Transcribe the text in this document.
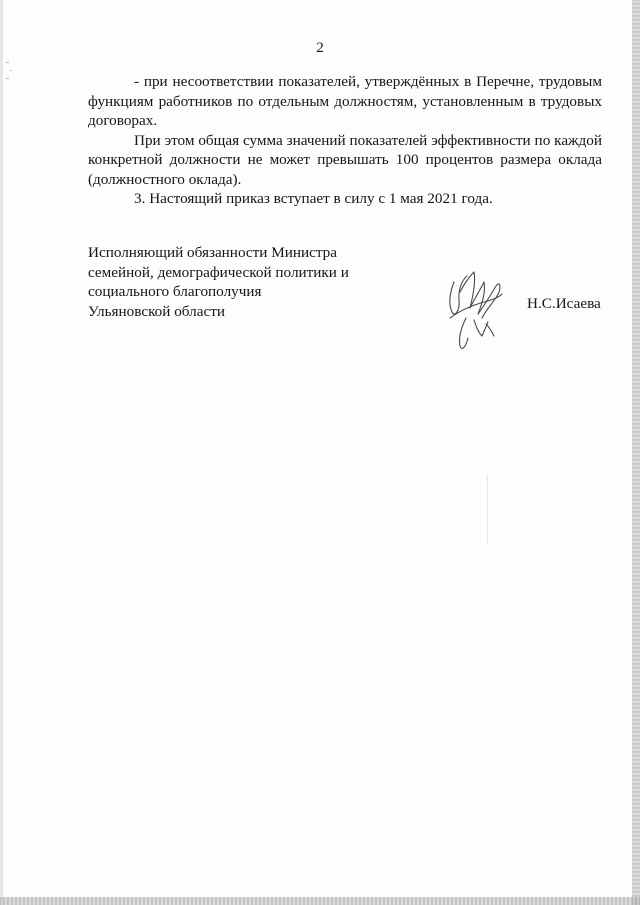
2

- при несоответствии показателей, утверждённых в Перечне, трудовым функциям работников по отдельным должностям, установленным в трудовых договорах.

При этом общая сумма значений показателей эффективности по каждой конкретной должности не может превышать 100 процентов размера оклада (должностного оклада).

3. Настоящий приказ вступает в силу с 1 мая 2021 года.

Исполняющий обязанности Министра
семейной, демографической политики и
социального благополучия
Ульяновской области	Н.С.Исаева
